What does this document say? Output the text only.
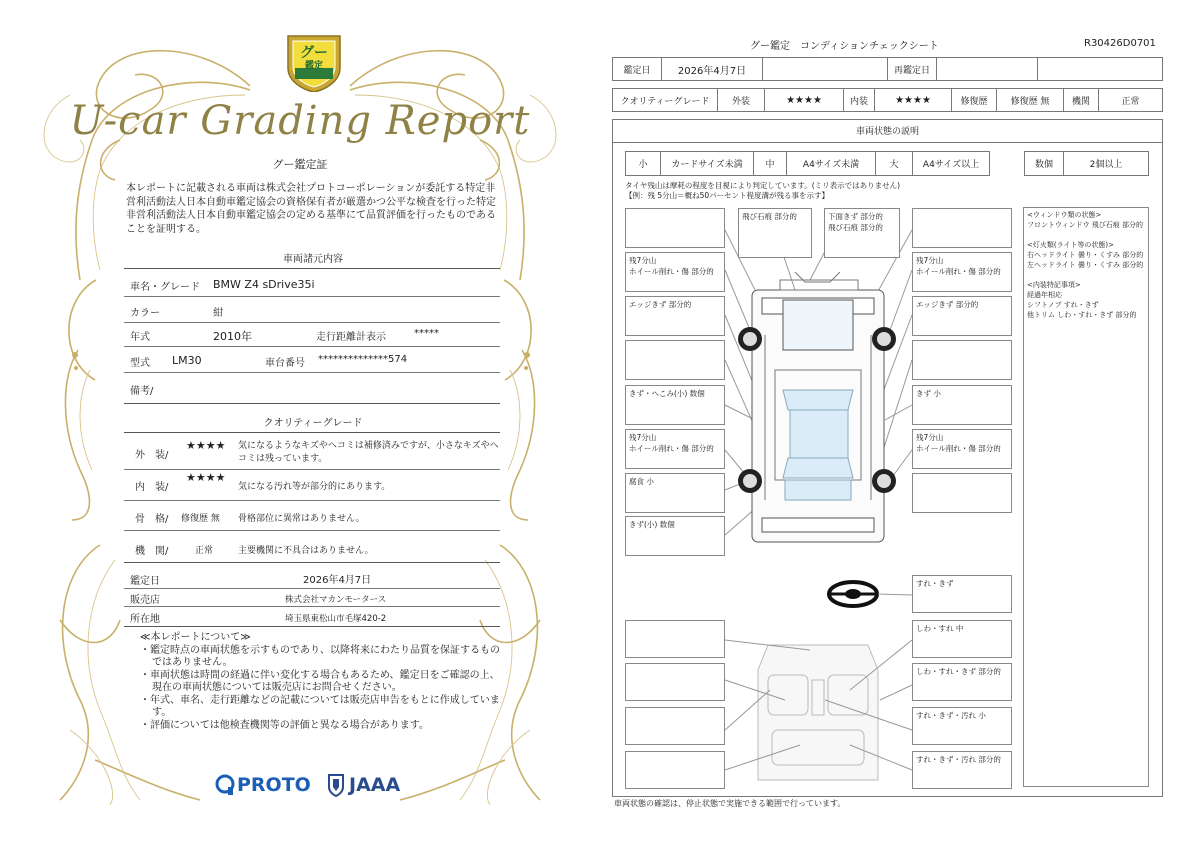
グー
鑑定
U-car Grading Report
グー鑑定証
本レポートに記載される車両は株式会社プロトコーポレーションが委託する特定非営利活動法人日本自動車鑑定協会の資格保有者が厳選かつ公平な検査を行った特定非営利活動法人日本自動車鑑定協会の定める基準にて品質評価を行ったものであることを証明する。
車両諸元内容
車名・グレード BMW Z4 sDrive35i
カラー	紺
年式	2010年	走行距離計表示	*****
型式 LM30	車台番号 **************574
備考/
クオリティーグレード
外　装/
★★★★ 気になるようなキズやヘコミは補修済みですが、小さなキズやヘコミは残っています。
内　装/
★★★★
気になる汚れ等が部分的にあります。
骨　格/ 修復歴 無 骨格部位に異常はありません。
機　関/	正常	主要機関に不具合はありません。
鑑定日	2026年4月7日
販売店	株式会社マカンモータース
所在地	埼玉県東松山市毛塚420-2
≪本レポートについて≫
・鑑定時点の車両状態を示すものであり、以降将来にわたり品質を保証するものではありません。
・車両状態は時間の経過に伴い変化する場合もあるため、鑑定日をご確認の上、現在の車両状態については販売店にお問合せください。
・年式、車名、走行距離などの記載については販売店申告をもとに作成しています。
・評価については他検査機関等の評価と異なる場合があります。
PROTO JAAA
グー鑑定　コンディションチェックシート	R30426D0701
鑑定日	2026年4月7日	再鑑定日
クオリティーグレード	外装	★★★★	内装	★★★★	修復歴	修復歴 無	機関	正常
車両状態の説明
小	カードサイズ未満	中	A4サイズ未満	大	A4サイズ以上	数個	2個以上
タイヤ残山は摩耗の程度を目視により判定しています。(ミリ表示ではありません)
【例：残 5分山＝概ね50パーセント程度溝が残る事を示す】
<ウィンドウ類の状態>
フロントウィンドウ 飛び石痕 部分的

<灯火類(ライト等の状態)>
右ヘッドライト 曇り・くすみ 部分的
左ヘッドライト 曇り・くすみ 部分的

<内装特記事項>
経過年相応
シフトノブ すれ・きず
他トリム しわ・すれ・きず 部分的
飛び石痕 部分的	下面きず 部分的
飛び石痕 部分的
残7分山
ホイール削れ・傷 部分的
残7分山
ホイール削れ・傷 部分的
エッジきず 部分的	エッジきず 部分的
きず・へこみ(小) 数個	きず 小
残7分山
ホイール削れ・傷 部分的
残7分山
ホイール削れ・傷 部分的
腐食 小
きず(小) 数個
すれ・きず
しわ・すれ 中
しわ・すれ・きず 部分的
すれ・きず・汚れ 小
すれ・きず・汚れ 部分的
車両状態の確認は、停止状態で実施できる範囲で行っています。
